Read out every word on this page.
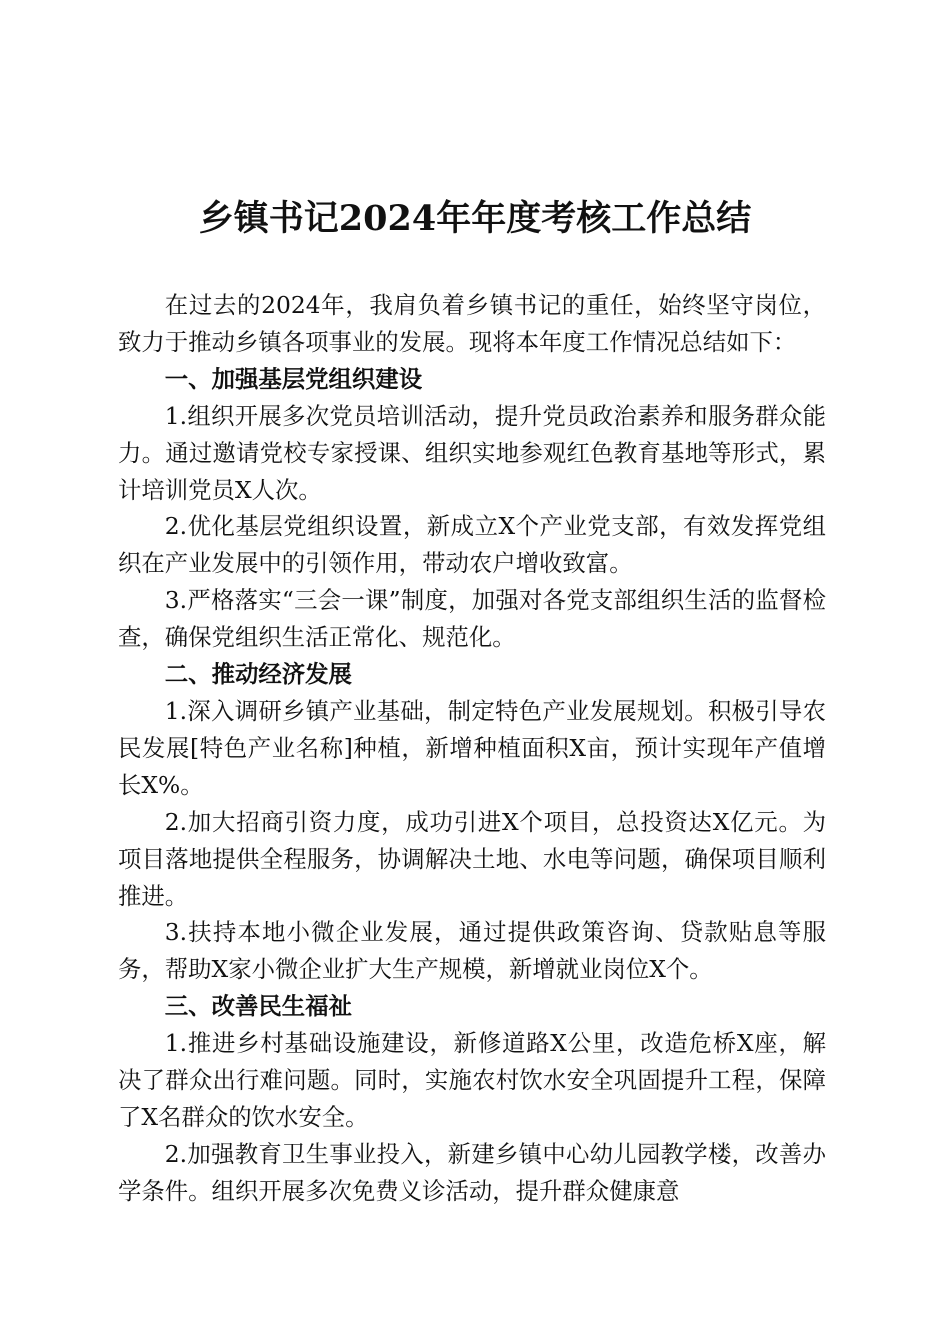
乡镇书记2024年年度考核工作总结

在过去的2024年，我肩负着乡镇书记的重任，始终坚守岗位，致力于推动乡镇各项事业的发展。现将本年度工作情况总结如下：

一、加强基层党组织建设

1.组织开展多次党员培训活动，提升党员政治素养和服务群众能力。通过邀请党校专家授课、组织实地参观红色教育基地等形式，累计培训党员X人次。

2.优化基层党组织设置，新成立X个产业党支部，有效发挥党组织在产业发展中的引领作用，带动农户增收致富。

3.严格落实“三会一课”制度，加强对各党支部组织生活的监督检查，确保党组织生活正常化、规范化。

二、推动经济发展

1.深入调研乡镇产业基础，制定特色产业发展规划。积极引导农民发展[特色产业名称]种植，新增种植面积X亩，预计实现年产值增长X%。

2.加大招商引资力度，成功引进X个项目，总投资达X亿元。为项目落地提供全程服务，协调解决土地、水电等问题，确保项目顺利推进。

3.扶持本地小微企业发展，通过提供政策咨询、贷款贴息等服务，帮助X家小微企业扩大生产规模，新增就业岗位X个。

三、改善民生福祉

1.推进乡村基础设施建设，新修道路X公里，改造危桥X座，解决了群众出行难问题。同时，实施农村饮水安全巩固提升工程，保障了X名群众的饮水安全。

2.加强教育卫生事业投入，新建乡镇中心幼儿园教学楼，改善办学条件。组织开展多次免费义诊活动，提升群众健康意
